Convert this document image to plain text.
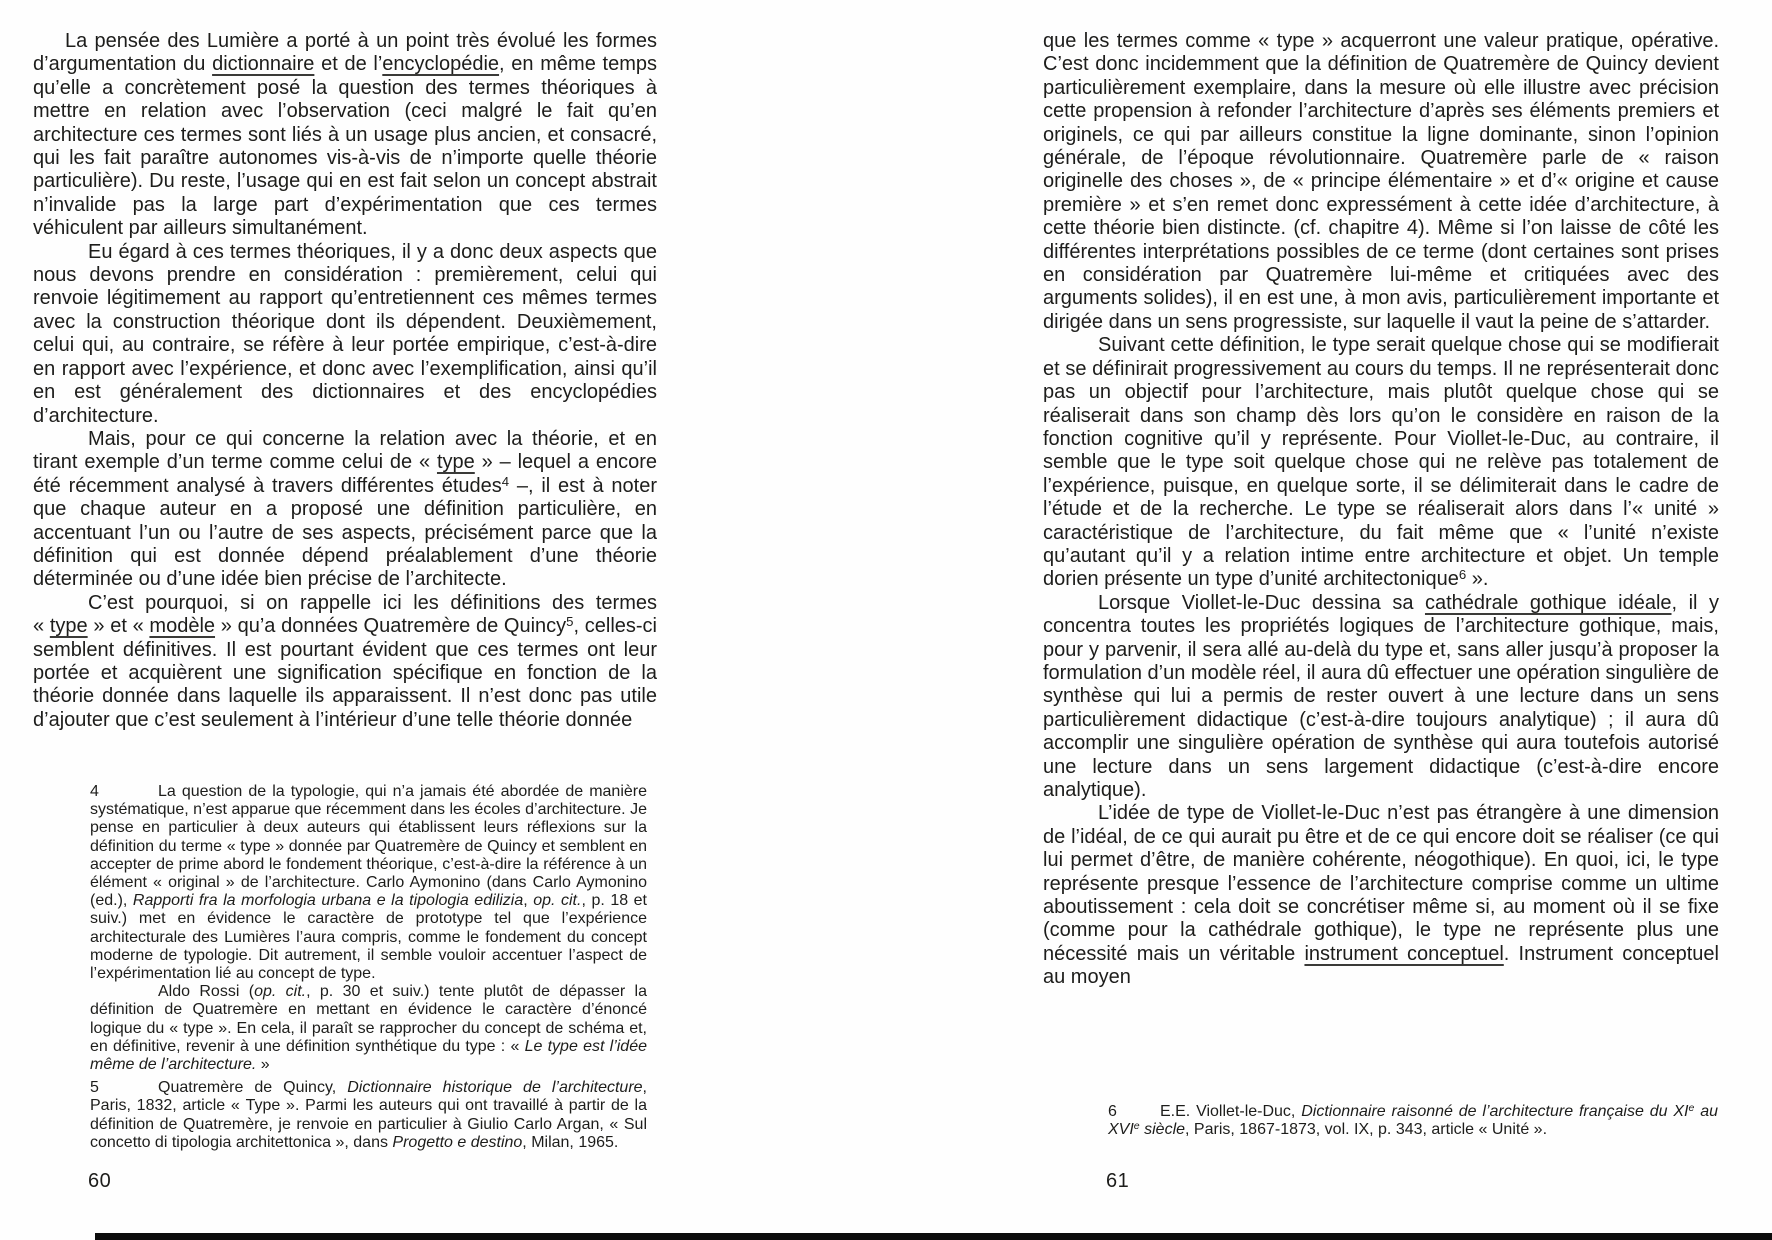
La pensée des Lumière a porté à un point très évolué les formes d’argumentation du dictionnaire et de l’encyclopédie, en même temps qu’elle a concrètement posé la question des termes théoriques à mettre en relation avec l’observation (ceci malgré le fait qu’en architecture ces termes sont liés à un usage plus ancien, et consacré, qui les fait paraître autonomes vis-à-vis de n’importe quelle théorie particulière). Du reste, l’usage qui en est fait selon un concept abstrait n’invalide pas la large part d’expérimentation que ces termes véhiculent par ailleurs simultanément.

Eu égard à ces termes théoriques, il y a donc deux aspects que nous devons prendre en considération : premièrement, celui qui renvoie légitimement au rapport qu’entretiennent ces mêmes termes avec la construction théorique dont ils dépendent. Deuxièmement, celui qui, au contraire, se réfère à leur portée empirique, c’est-à-dire en rapport avec l’expérience, et donc avec l’exemplification, ainsi qu’il en est généralement des dictionnaires et des encyclopédies d’architecture.

Mais, pour ce qui concerne la relation avec la théorie, et en tirant exemple d’un terme comme celui de « type » – lequel a encore été récemment analysé à travers différentes études$^4$ –, il est à noter que chaque auteur en a proposé une définition particulière, en accentuant l’un ou l’autre de ses aspects, précisément parce que la définition qui est donnée dépend préalablement d’une théorie déterminée ou d’une idée bien précise de l’architecte.

C’est pourquoi, si on rappelle ici les définitions des termes « type » et « modèle » qu’a données Quatremère de Quincy$^5$, celles-ci semblent définitives. Il est pourtant évident que ces termes ont leur portée et acquièrent une signification spécifique en fonction de la théorie donnée dans laquelle ils apparaissent. Il n’est donc pas utile d’ajouter que c’est seulement à l’intérieur d’une telle théorie donnée

4	La question de la typologie, qui n’a jamais été abordée de manière systématique, n’est apparue que récemment dans les écoles d’architecture. Je pense en particulier à deux auteurs qui établissent leurs réflexions sur la définition du terme « type » donnée par Quatremère de Quincy et semblent en accepter de prime abord le fondement théorique, c’est-à-dire la référence à un élément « original » de l’architecture. Carlo Aymonino (dans Carlo Aymonino (ed.), Rapporti fra la morfologia urbana e la tipologia edilizia, op. cit., p. 18 et suiv.) met en évidence le caractère de prototype tel que l’expérience architecturale des Lumières l’aura compris, comme le fondement du concept moderne de typologie. Dit autrement, il semble vouloir accentuer l’aspect de l’expérimentation lié au concept de type.

Aldo Rossi (op. cit., p. 30 et suiv.) tente plutôt de dépasser la définition de Quatremère en mettant en évidence le caractère d’énoncé logique du « type ». En cela, il paraît se rapprocher du concept de schéma et, en définitive, revenir à une définition synthétique du type : « Le type est l’idée même de l’architecture. »

5	Quatremère de Quincy, Dictionnaire historique de l’architecture, Paris, 1832, article « Type ». Parmi les auteurs qui ont travaillé à partir de la définition de Quatremère, je renvoie en particulier à Giulio Carlo Argan, « Sul concetto di tipologia architettonica », dans Progetto e destino, Milan, 1965.

60

que les termes comme « type » acquerront une valeur pratique, opérative. C’est donc incidemment que la définition de Quatremère de Quincy devient particulièrement exemplaire, dans la mesure où elle illustre avec précision cette propension à refonder l’architecture d’après ses éléments premiers et originels, ce qui par ailleurs constitue la ligne dominante, sinon l’opinion générale, de l’époque révolutionnaire. Quatremère parle de « raison originelle des choses », de « principe élémentaire » et d’« origine et cause première » et s’en remet donc expressément à cette idée d’architecture, à cette théorie bien distincte. (cf. chapitre 4). Même si l’on laisse de côté les différentes interprétations possibles de ce terme (dont certaines sont prises en considération par Quatremère lui-même et critiquées avec des arguments solides), il en est une, à mon avis, particulièrement importante et dirigée dans un sens progressiste, sur laquelle il vaut la peine de s’attarder.

Suivant cette définition, le type serait quelque chose qui se modifierait et se définirait progressivement au cours du temps. Il ne représenterait donc pas un objectif pour l’architecture, mais plutôt quelque chose qui se réaliserait dans son champ dès lors qu’on le considère en raison de la fonction cognitive qu’il y représente. Pour Viollet-le-Duc, au contraire, il semble que le type soit quelque chose qui ne relève pas totalement de l’expérience, puisque, en quelque sorte, il se délimiterait dans le cadre de l’étude et de la recherche. Le type se réaliserait alors dans l’« unité » caractéristique de l’architecture, du fait même que « l’unité n’existe qu’autant qu’il y a relation intime entre architecture et objet. Un temple dorien présente un type d’unité architectonique$^6$ ».

Lorsque Viollet-le-Duc dessina sa cathédrale gothique idéale, il y concentra toutes les propriétés logiques de l’architecture gothique, mais, pour y parvenir, il sera allé au-delà du type et, sans aller jusqu’à proposer la formulation d’un modèle réel, il aura dû effectuer une opération singulière de synthèse qui lui a permis de rester ouvert à une lecture dans un sens particulièrement didactique (c’est-à-dire toujours analytique) ; il aura dû accomplir une singulière opération de synthèse qui aura toutefois autorisé une lecture dans un sens largement didactique (c’est-à-dire encore analytique).

L’idée de type de Viollet-le-Duc n’est pas étrangère à une dimension de l’idéal, de ce qui aurait pu être et de ce qui encore doit se réaliser (ce qui lui permet d’être, de manière cohérente, néogothique). En quoi, ici, le type représente presque l’essence de l’architecture comprise comme un ultime aboutissement : cela doit se concrétiser même si, au moment où il se fixe (comme pour la cathédrale gothique), le type ne représente plus une nécessité mais un véritable instrument conceptuel. Instrument conceptuel au moyen

6	E.E. Viollet-le-Duc, Dictionnaire raisonné de l’architecture française du XIe au XVIe siècle, Paris, 1867-1873, vol. IX, p. 343, article « Unité ».

61
